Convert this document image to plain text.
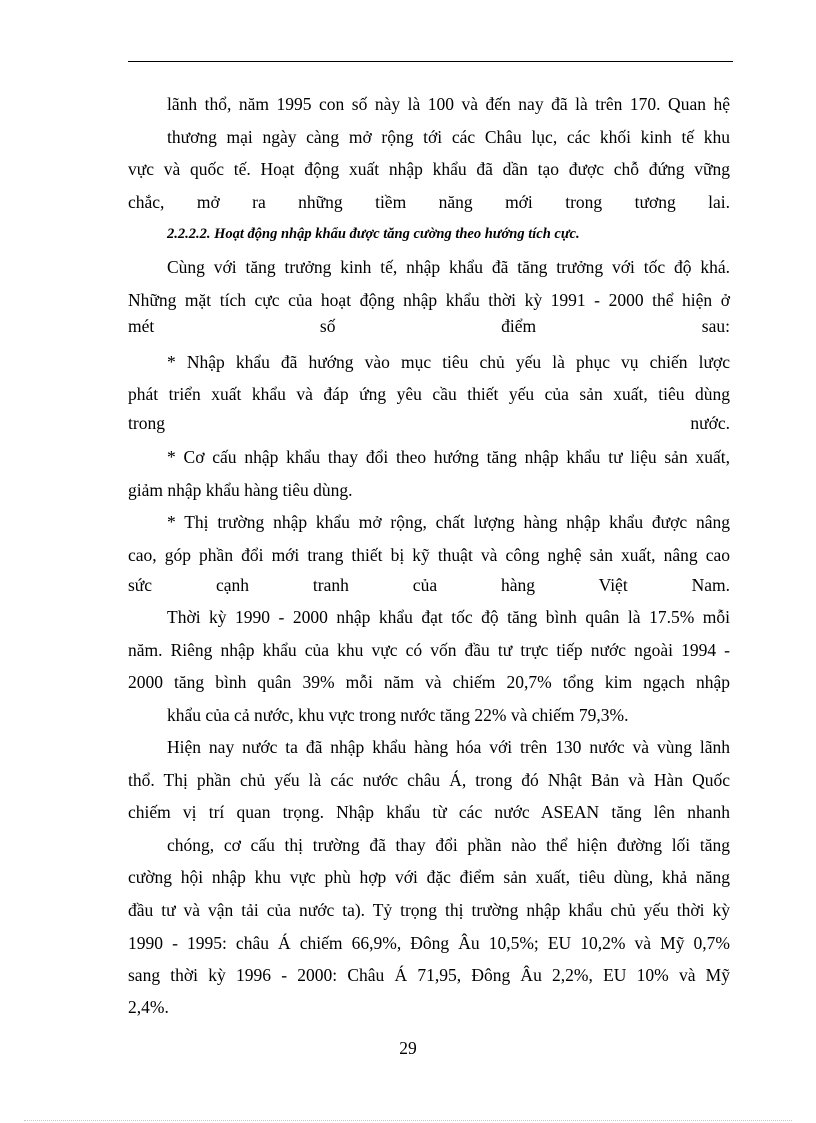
lãnh thổ, năm 1995 con số này là 100 và đến nay đã là trên 170. Quan hệ
thương mại ngày càng mở rộng tới các Châu lục, các khối kinh tế khu
vực và quốc tế. Hoạt động xuất nhập khẩu đã dần tạo được chỗ đứng vững
chắc, mở ra những tiềm năng mới trong tương lai.
2.2.2.2. Hoạt động nhập khẩu được tăng cường theo hướng tích cực.
Cùng với tăng trưởng kinh tế, nhập khẩu đã tăng trưởng với tốc độ khá.
Những mặt tích cực của hoạt động nhập khẩu thời kỳ 1991 - 2000 thể hiện ở
mét số điểm sau:
* Nhập khẩu đã hướng vào mục tiêu chủ yếu là phục vụ chiến lược
phát triển xuất khẩu và đáp ứng yêu cầu thiết yếu của sản xuất, tiêu dùng
trong nước.
* Cơ cấu nhập khẩu thay đổi theo hướng tăng nhập khẩu tư liệu sản xuất,
giảm nhập khẩu hàng tiêu dùng.
* Thị trường nhập khẩu mở rộng, chất lượng hàng nhập khẩu được nâng
cao, góp phần đổi mới trang thiết bị kỹ thuật và công nghệ sản xuất, nâng cao
sức cạnh tranh của hàng Việt Nam.
Thời kỳ 1990 - 2000 nhập khẩu đạt tốc độ tăng bình quân là 17.5% mỗi
năm. Riêng nhập khẩu của khu vực có vốn đầu tư trực tiếp nước ngoài 1994 -
2000 tăng bình quân 39% mỗi năm và chiếm 20,7% tổng kim ngạch nhập
khẩu của cả nước, khu vực trong nước tăng 22% và chiếm 79,3%.
Hiện nay nước ta đã nhập khẩu hàng hóa với trên 130 nước và vùng lãnh
thổ. Thị phần chủ yếu là các nước châu Á, trong đó Nhật Bản và Hàn Quốc
chiếm vị trí quan trọng. Nhập khẩu từ các nước ASEAN tăng lên nhanh
chóng, cơ cấu thị trường đã thay đổi phần nào thể hiện đường lối tăng
cường hội nhập khu vực phù hợp với đặc điểm sản xuất, tiêu dùng, khả năng
đầu tư và vận tải của nước ta). Tỷ trọng thị trường nhập khẩu chủ yếu thời kỳ
1990 - 1995: châu Á chiếm 66,9%, Đông Âu 10,5%; EU 10,2% và Mỹ 0,7%
sang thời kỳ 1996 - 2000: Châu Á 71,95, Đông Âu 2,2%, EU 10% và Mỹ
2,4%.
29
